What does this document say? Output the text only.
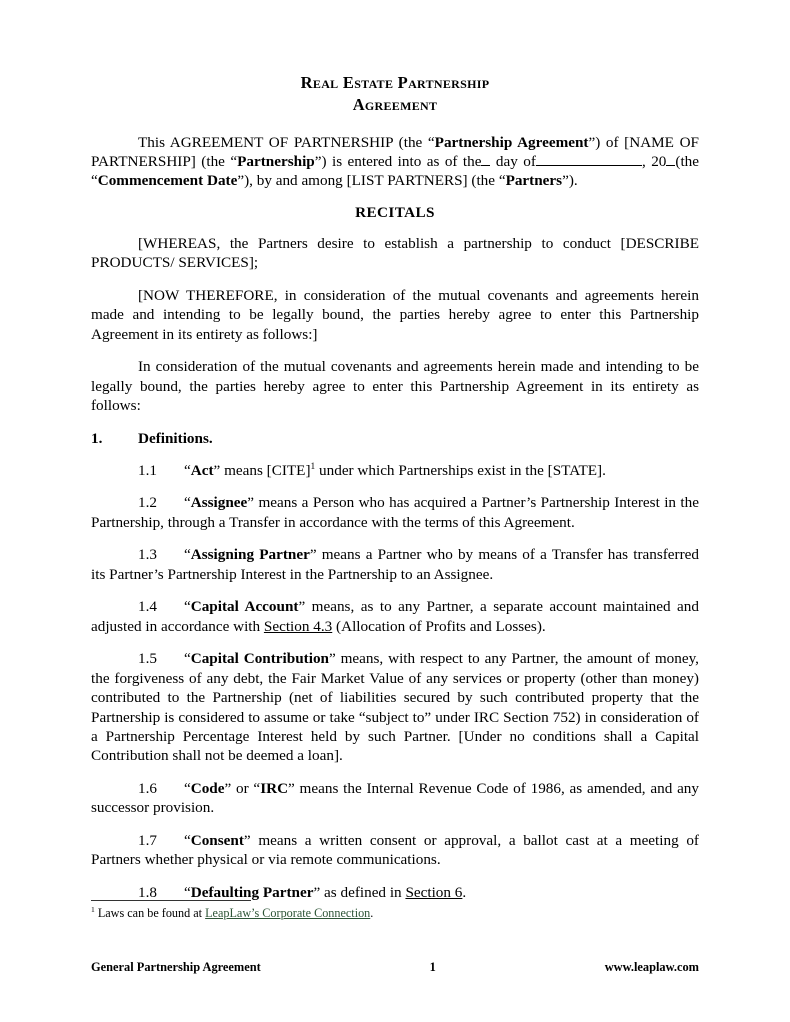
Real Estate Partnership
Agreement

This AGREEMENT OF PARTNERSHIP (the “Partnership Agreement”) of [NAME OF PARTNERSHIP] (the “Partnership”) is entered into as of the day of	, 20 (the “Commencement Date”), by and among [LIST PARTNERS] (the “Partners”).

RECITALS

[WHEREAS, the Partners desire to establish a partnership to conduct [DESCRIBE PRODUCTS/ SERVICES];

[NOW THEREFORE, in consideration of the mutual covenants and agreements herein made and intending to be legally bound, the parties hereby agree to enter this Partnership Agreement in its entirety as follows:]

In consideration of the mutual covenants and agreements herein made and intending to be legally bound, the parties hereby agree to enter this Partnership Agreement in its entirety as follows:

1. Definitions.

1.1 “Act” means [CITE]$^1$ under which Partnerships exist in the [STATE].

1.2 “Assignee” means a Person who has acquired a Partner’s Partnership Interest in the Partnership, through a Transfer in accordance with the terms of this Agreement.

1.3 “Assigning Partner” means a Partner who by means of a Transfer has transferred its Partner’s Partnership Interest in the Partnership to an Assignee.

1.4 “Capital Account” means, as to any Partner, a separate account maintained and adjusted in accordance with Section 4.3 (Allocation of Profits and Losses).

1.5 “Capital Contribution” means, with respect to any Partner, the amount of money, the forgiveness of any debt, the Fair Market Value of any services or property (other than money) contributed to the Partnership (net of liabilities secured by such contributed property that the Partnership is considered to assume or take “subject to” under IRC Section 752) in consideration of a Partnership Percentage Interest held by such Partner. [Under no conditions shall a Capital Contribution shall not be deemed a loan].

1.6 “Code” or “IRC” means the Internal Revenue Code of 1986, as amended, and any successor provision.

1.7 “Consent” means a written consent or approval, a ballot cast at a meeting of Partners whether physical or via remote communications.

1.8 “Defaulting Partner” as defined in Section 6.

$^1$ Laws can be found at LeapLaw’s Corporate Connection.

General Partnership Agreement	1	www.leaplaw.com
